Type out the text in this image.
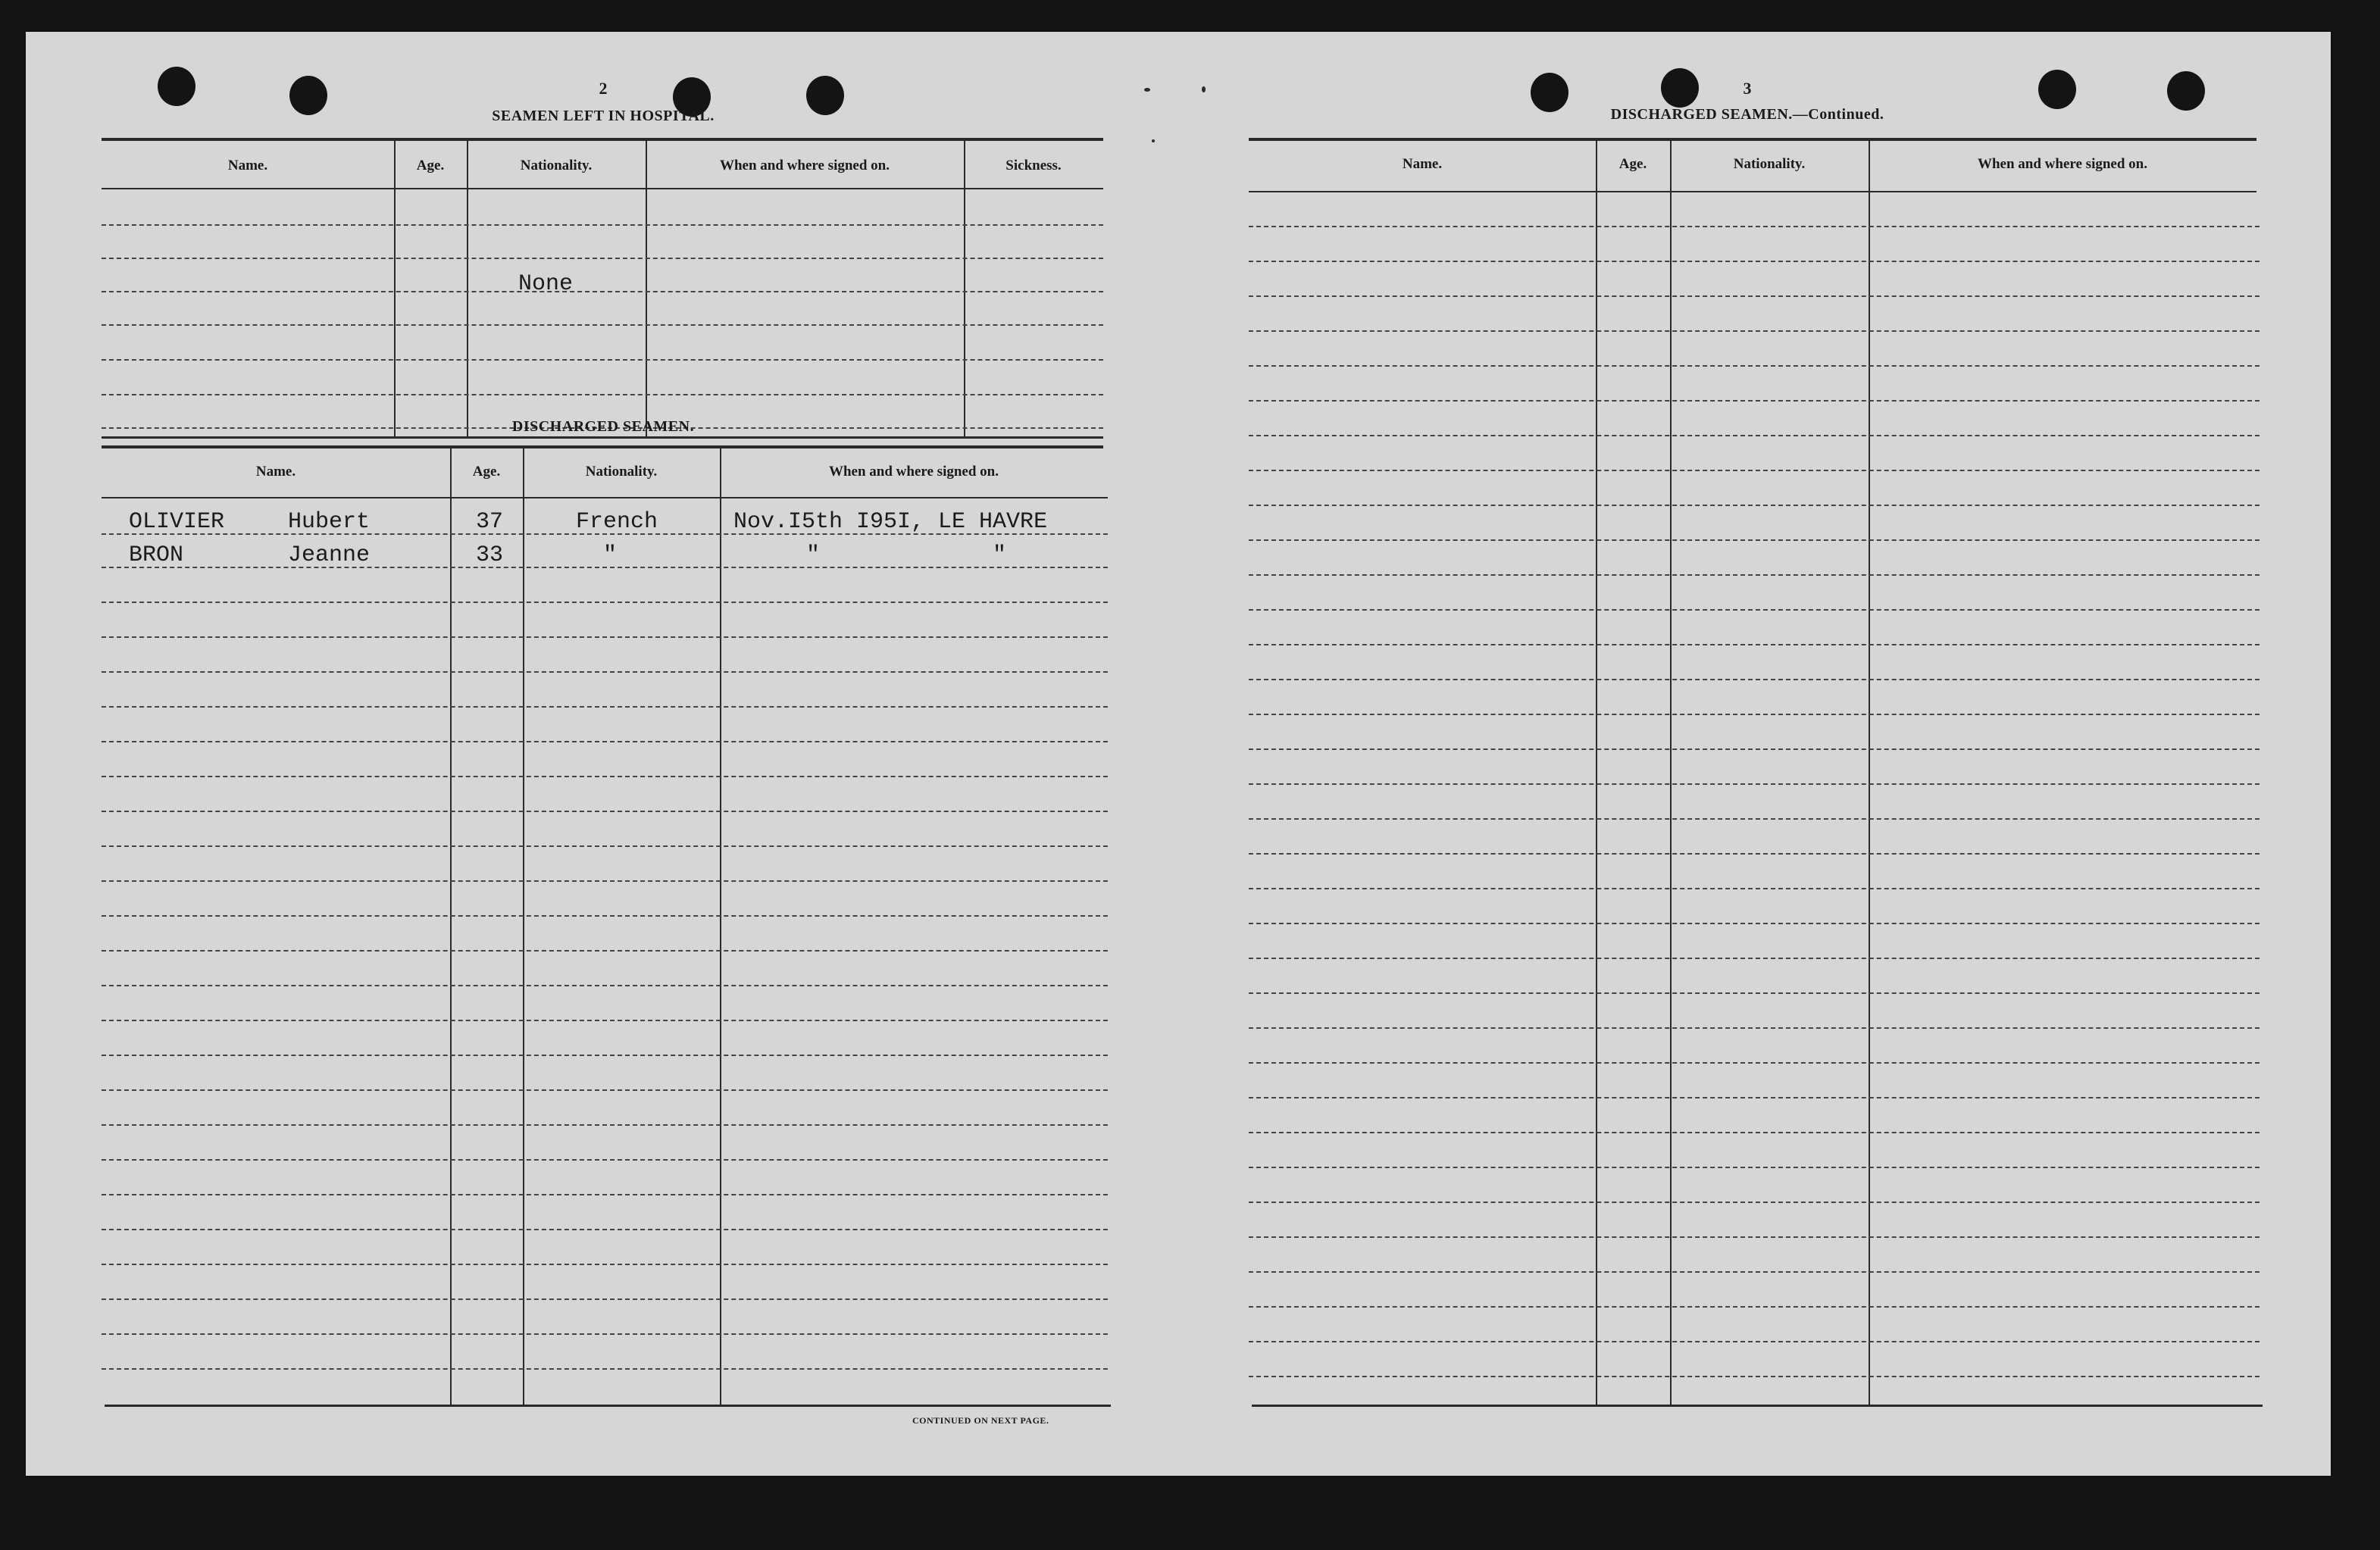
2
SEAMEN LEFT IN HOSPITAL.
Name.	Age.	Nationality.	When and where signed on.	Sickness.
None
DISCHARGED SEAMEN.
Name.	Age.	Nationality.	When and where signed on.
OLIVIER	Hubert	37	French	Nov.I5th I95I, LE HAVRE
BRON	Jeanne	33	"	"	"
CONTINUED ON NEXT PAGE.
3
DISCHARGED SEAMEN.—Continued.
Name.	Age.	Nationality.	When and where signed on.
